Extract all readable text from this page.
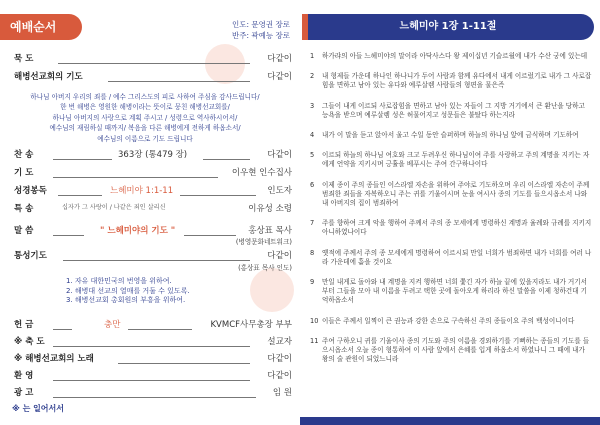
예배순서	인도: 문영권 장로
반주: 곽예능 장로
묵 도	다같이
해병선교회의 기도	다같이
하나님 아버지 우리의 죄를 / 예수 그리스도의 피로 사하여 주심을 감사드립니다/
한 번 해병은 영원한 해병이라는 뜻이로 뭉친 해병선교회를/
하나님 아버지의 사랑으로 계획 주시고 / 성령으로 역사하시어서/
예수님의 재림하실 때까지/ 복음을 다른 해병에게 전하게 하옵소서/
예수님의 이름으로 기도 드립니다
찬 송	363장 (통479 장)	다같이
기 도	이우현 인수집사
성경봉독	느헤미야 1:1-11	인도자
특 송	십자가 그 사랑이 / 나같은 죄인 살리신	이유성 소령
말 씀	" 느헤미야의 기도 "	홍상표 목사
(병영문화네트워크)
통성기도	다같이
(홍상표 목사 인도)
1. 자유 대한민국의 번영을 위하여.
2. 해병대 선교의 열매를 거둘 수 있도록.
3. 해병선교회 총회원의 부흥을 위하여.
헌 금	충만	KVMCF사무총장 부부
※ 축 도	설교자
※ 해병선교회의 노래	다같이
환 영	다같이
광 고	임 원
※ 는 일어서서
느헤미야 1장 1-11절
1 하가랴의 아들 느헤미야의 말이라 아닥사스다 왕 제이십년 기슬르월에 내가 수산 궁에 있는데
2 내 형제들 가운데 하나인 하나니가 두어 사람과 함께 유다에서 내게 이르렀기로 내가 그 사로잡힘을 면하고 남아 있는 유다와 예루살렘 사람들의 형편을 물은즉
3 그들이 내게 이르되 사로잡힘을 면하고 남아 있는 자들이 그 지방 거기에서 큰 환난을 당하고 능욕을 받으며 예루살렘 성은 허물어지고 성문들은 불탔다 하는지라
4 내가 이 말을 듣고 앉아서 울고 수일 동안 슬퍼하며 하늘의 하나님 앞에 금식하며 기도하여
5 이르되 하늘의 하나님 여호와 크고 두려우신 하나님이여 주를 사랑하고 주의 계명을 지키는 자에게 언약을 지키시며 긍휼을 베푸시는 주여 간구하나이다
6 이제 종이 주의 종들인 이스라엘 자손을 위하여 주야로 기도하오며 우리 이스라엘 자손이 주께 범죄한 죄들을 자복하오니 주는 귀를 기울이시며 눈을 여시사 종의 기도를 들으시옵소서 나와 내 아버지의 집이 범죄하여
7 주를 향하여 크게 악을 행하여 주께서 주의 종 모세에게 명령하신 계명과 율례와 규례를 지키지 아니하였나이다
8 옛적에 주께서 주의 종 모세에게 명령하여 이르시되 만일 너희가 범죄하면 내가 너희를 여러 나라 가운데에 흩을 것이요
9 만일 내게로 돌아와 내 계명을 지켜 행하면 너희 쫓긴 자가 하늘 끝에 있을지라도 내가 거기서부터 그들을 모아 내 이름을 두려고 택한 곳에 돌아오게 하리라 하신 말씀을 이제 청하건대 기억하옵소서
10 이들은 주께서 일찍이 큰 권능과 강한 손으로 구속하신 주의 종들이요 주의 백성이니이다
11 주여 구하오니 귀를 기울이사 종의 기도와 주의 이름을 경외하기를 기뻐하는 종들의 기도를 들으시옵소서 오늘 종이 형통하여 이 사람 앞에서 은혜를 입게 하옵소서 하였나니 그 때에 내가 왕의 술 관원이 되었느니라
